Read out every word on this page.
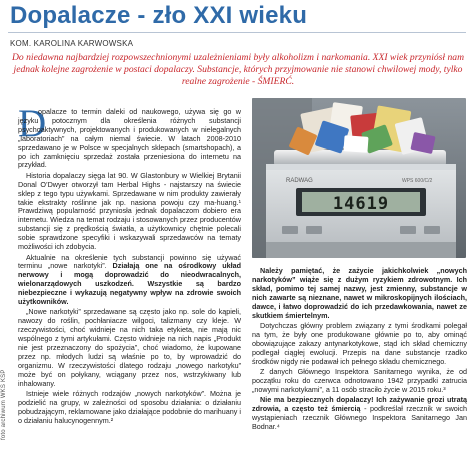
Dopalacze - zło XXI wieku
KOM. KAROLINA KARWOWSKA

Do niedawna najbardziej rozpowszechnionymi uzależnieniami były alkoholizm i narkomania. XXI wiek przyniósł nam jednak kolejne zagrożenie w postaci dopalaczy. Substancje, których przyjmowanie nie stanowi chwilowej mody, tylko realne zagrożenie - ŚMIERĆ.

D

opalacze to termin daleki od naukowego, używa się go w języku potocznym dla określenia różnych substancji psychoaktywnych, projektowanych i produkowanych w nielegalnych „laboratoriach” na całym niemal świecie. W latach 2008-2010 sprzedawano je w Polsce w specjalnych sklepach (smartshopach), a po ich zamknięciu sprzedaż została przeniesiona do internetu na przykład.

Historia dopalaczy sięga lat 90. W Glastonbury w Wielkiej Brytanii Donal O’Dwyer otworzył tam Herbal Highs - najstarszy na świecie sklep z tego typu używkami. Sprzedawane w nim produkty zawierały takie ekstrakty roślinne jak np. nasiona powoju czy ma-huang.¹ Prawdziwą popularność przyniosła jednak dopalaczom dobiero era internetu. Wiedza na temat rodzaju i stosowanych przez producentów substancji się z prędkością światła, a użytkownicy chętnie polecali sobie sprawdzone specyfiki i wskazywali sprzedawców na tematy możliwości ich zdobycia.

Aktualnie na określenie tych substancji powinno się używać terminu „nowe narkotyki”. Działają one na ośrodkowy układ nerwowy i mogą doprowadzić do nieodwracalnych, wielonarządowych uszkodzeń. Wszystkie są bardzo niebezpieczne i wykazują negatywny wpływ na zdrowie swoich użytkowników.

„Nowe narkotyki” sprzedawane są często jako np. sole do kąpieli, nawozy do roślin, pochłaniacze wilgoci, talizmany czy kleje. W rzeczywistości, choć widnieje na nich taka etykieta, nie mają nic wspólnego z tymi artykułami. Często widnieje na nich napis „Produkt nie jest przeznaczony do spożycia”, choć wiadomo, że kupowane przez np. młodych ludzi są właśnie po to, by wprowadzić do organizmu. W rzeczywistości dlatego rodzaju „nowego narkotyku” może być on połykany, wciągany przez nos, wstrzykiwany lub inhalowany.

Istnieje wiele różnych rodzajów „nowych narkotyków”. Można je podzielić na grupy, w zależności od sposobu działania: o działaniu pobudzającym, reklamowane jako działające podobnie do marihuany i o działaniu halucynogennym.²

RADWAG	WPS 600/C/2
14619

Należy pamiętać, że zażycie jakichkolwiek „nowych narkotyków” wiąże się z dużym ryzykiem zdrowotnym. Ich skład, pomimo tej samej nazwy, jest zmienny, substancje w nich zawarte są nieznane, nawet w mikroskopijnych ilościach, dawce, i łatwo doprowadzić do ich przedawkowania, nawet ze skutkiem śmiertelnym.

Dotychczas główny problem związany z tymi środkami polegał na tym, że były one produkowane głównie po to, aby ominąć obowiązujące zakazy antynarkotykowe, stąd ich skład chemiczny podlegał ciągłej ewolucji. Przepis na dane substancje rzadko środków nigdy nie podawał ich pełnego składu chemicznego.

Z danych Głównego Inspektora Sanitarnego wynika, że od początku roku do czerwca odnotowano 1942 przypadki zatrucia „nowymi narkotykami”, a 11 osób straciło życie w 2015 roku.³

Nie ma bezpiecznych dopalaczy! Ich zażywanie grozi utratą zdrowia, a często też śmiercią - podkreślał rzecznik w swoich wystąpieniach rzecznik Głównego Inspektora Sanitarnego Jan Bodnar.⁴

foto archiwum WKS KSP
